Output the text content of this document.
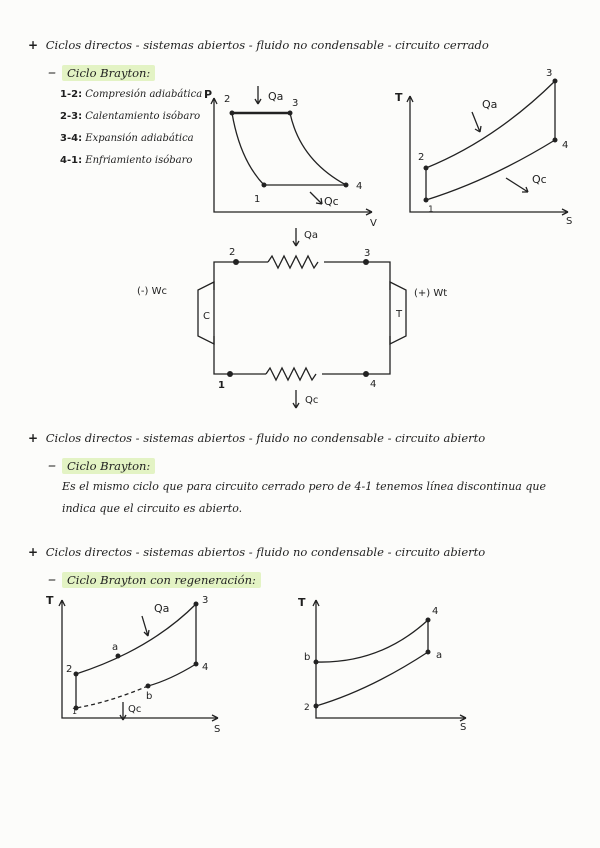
+ Ciclos directos - sistemas abiertos - fluido no condensable - circuito cerrado
– Ciclo Brayton:
1-2: Compresión adiabática
2-3: Calentamiento isóbaro
3-4: Expansión adiabática
4-1: Enfriamiento isóbaro
P
V
2	3
4
1
Qa
Qc
T
S
2
3
4
1
Qa
Qc
C	T
2	3
1	4
Qa
Qc
(-) Wc	(+) Wt
+ Ciclos directos - sistemas abiertos - fluido no condensable - circuito abierto
– Ciclo Brayton:
Es el mismo ciclo que para circuito cerrado pero de 4-1 tenemos línea discontinua que indica que el circuito es abierto.
+ Ciclos directos - sistemas abiertos - fluido no condensable - circuito abierto
– Ciclo Brayton con regeneración:
T
S
2
a
3
4
b
1
Qa
Qc
T
S
b
4
a
2
